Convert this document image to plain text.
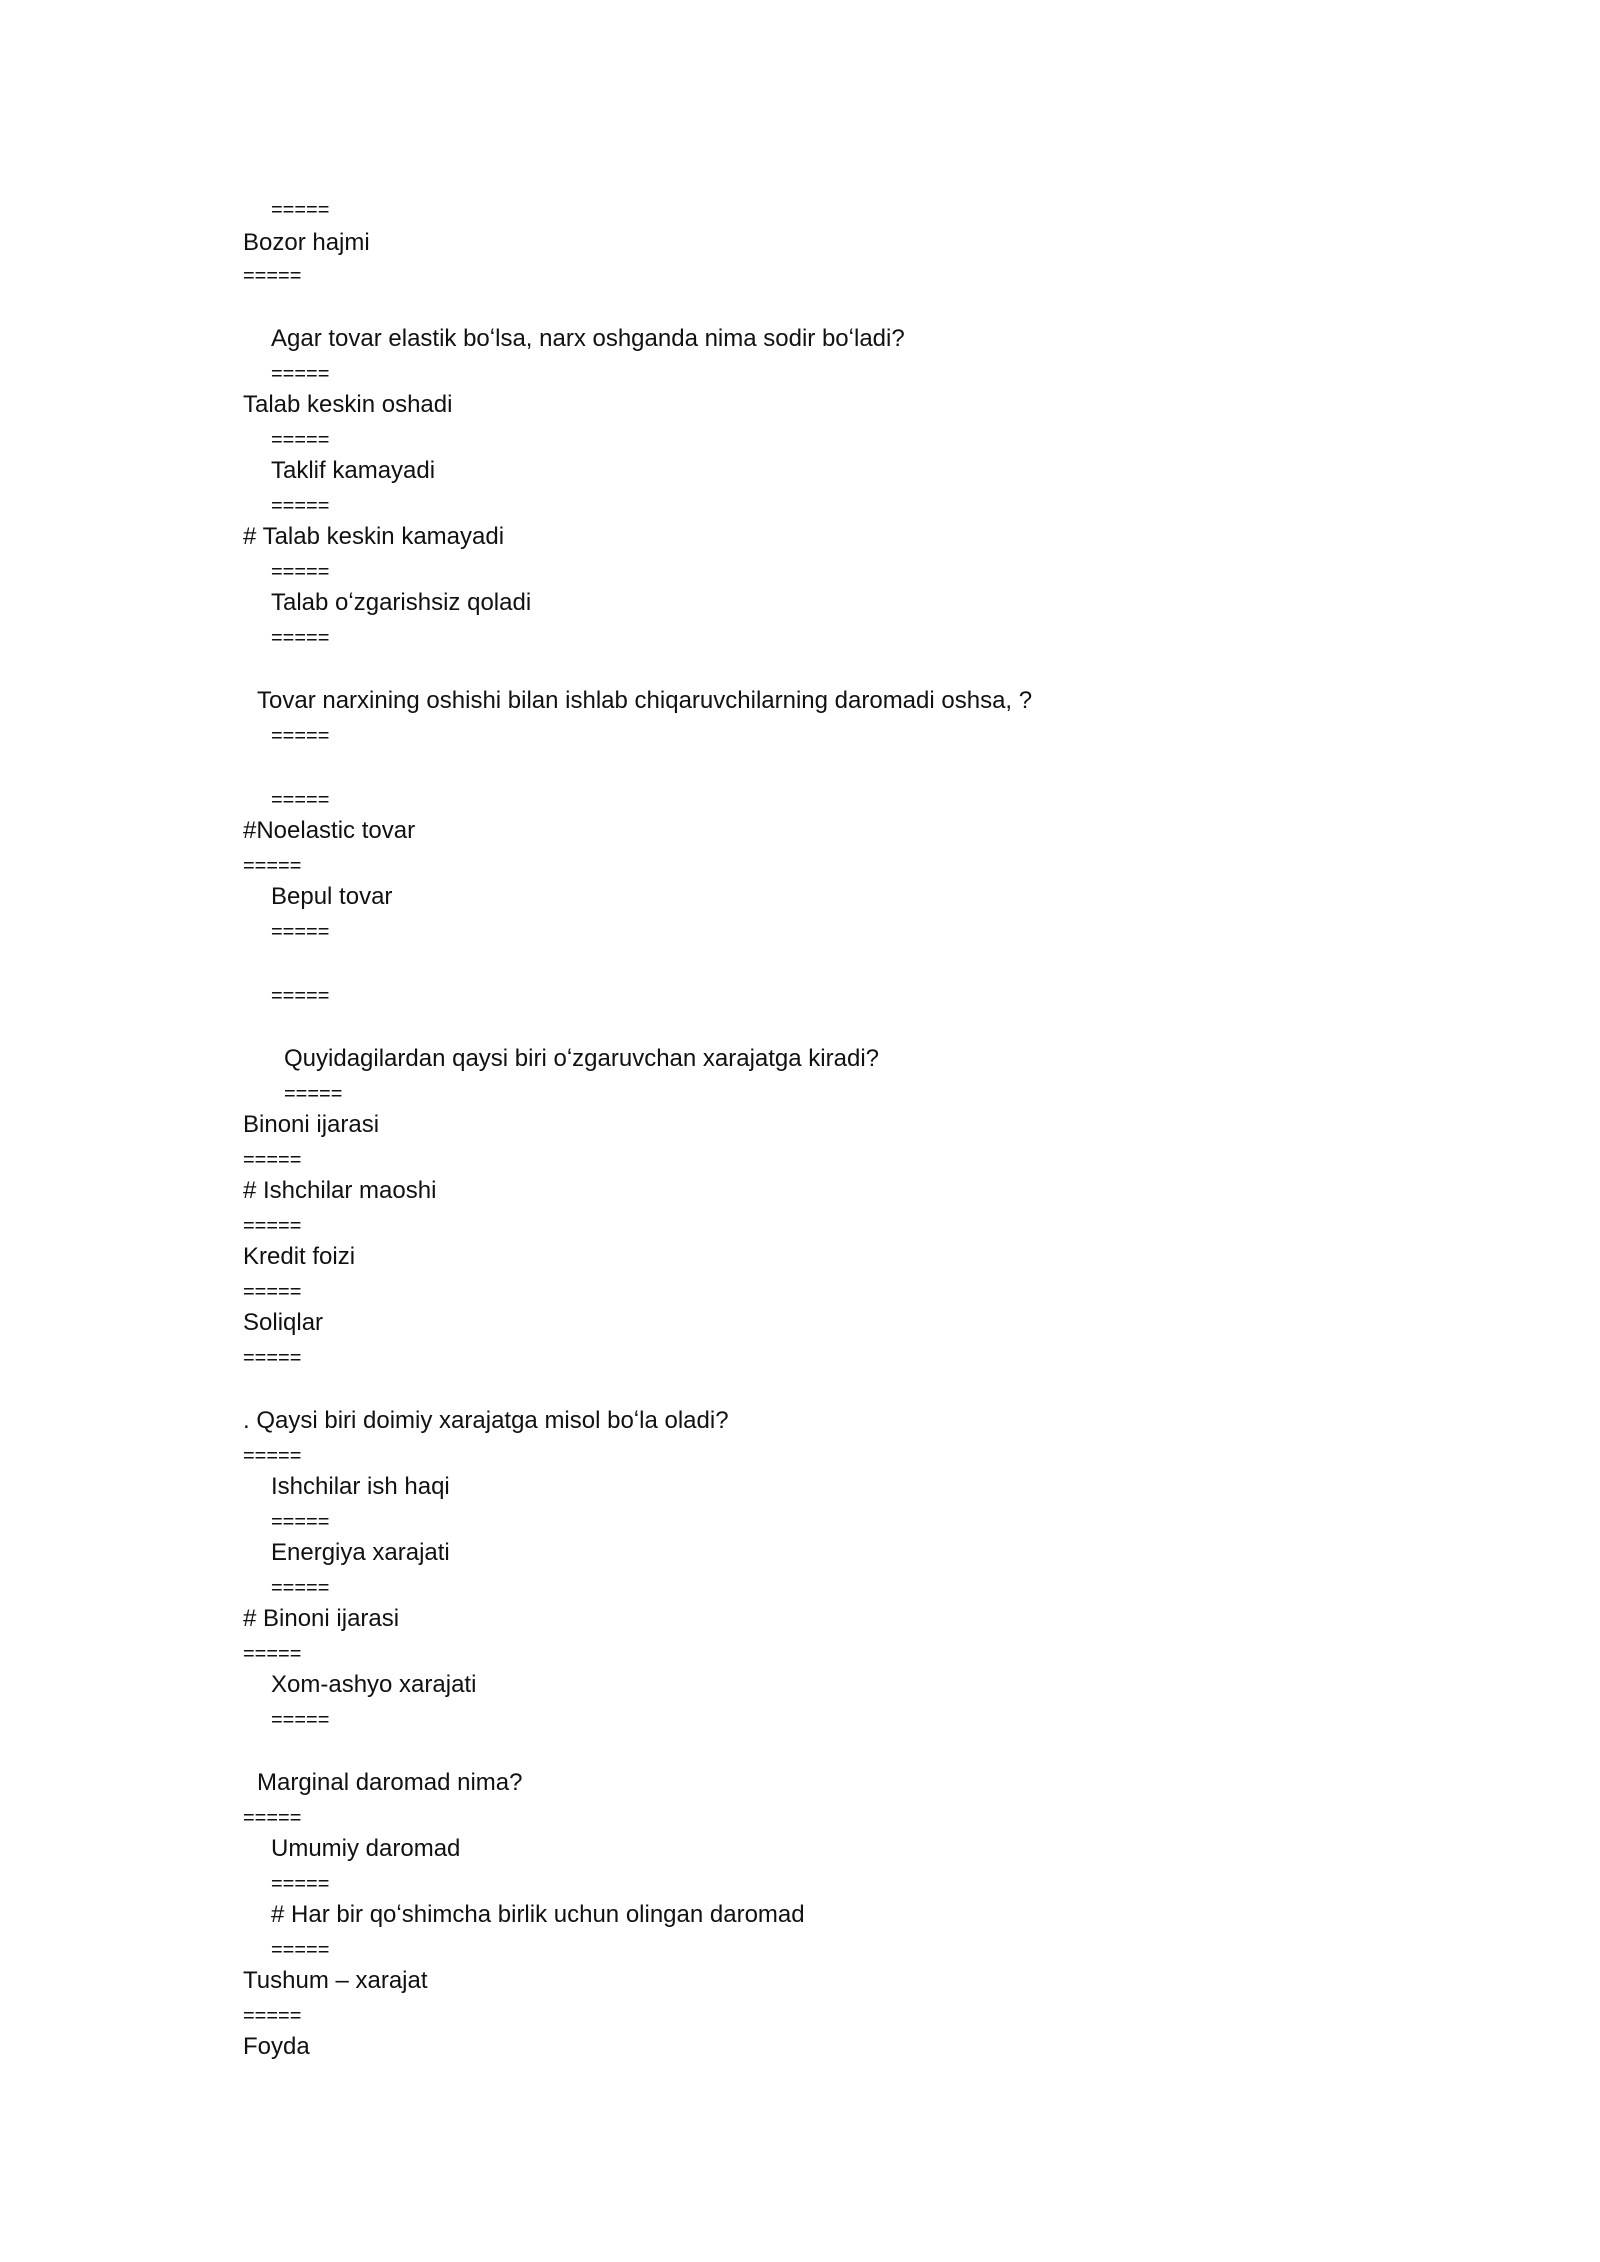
=====
Bozor hajmi
=====
Agar tovar elastik boʻlsa, narx oshganda nima sodir boʻladi?
=====
Talab keskin oshadi
=====
Taklif kamayadi
=====
# Talab keskin kamayadi
=====
Talab oʻzgarishsiz qoladi
=====
Tovar narxining oshishi bilan ishlab chiqaruvchilarning daromadi oshsa, ?
=====
=====
#Noelastic tovar
=====
Bepul tovar
=====
=====
Quyidagilardan qaysi biri oʻzgaruvchan xarajatga kiradi?
=====
Binoni ijarasi
=====
# Ishchilar maoshi
=====
Kredit foizi
=====
Soliqlar
=====
. Qaysi biri doimiy xarajatga misol boʻla oladi?
=====
Ishchilar ish haqi
=====
Energiya xarajati
=====
# Binoni ijarasi
=====
Xom-ashyo xarajati
=====
Marginal daromad nima?
=====
Umumiy daromad
=====
# Har bir qoʻshimcha birlik uchun olingan daromad
=====
Tushum – xarajat
=====
Foyda
